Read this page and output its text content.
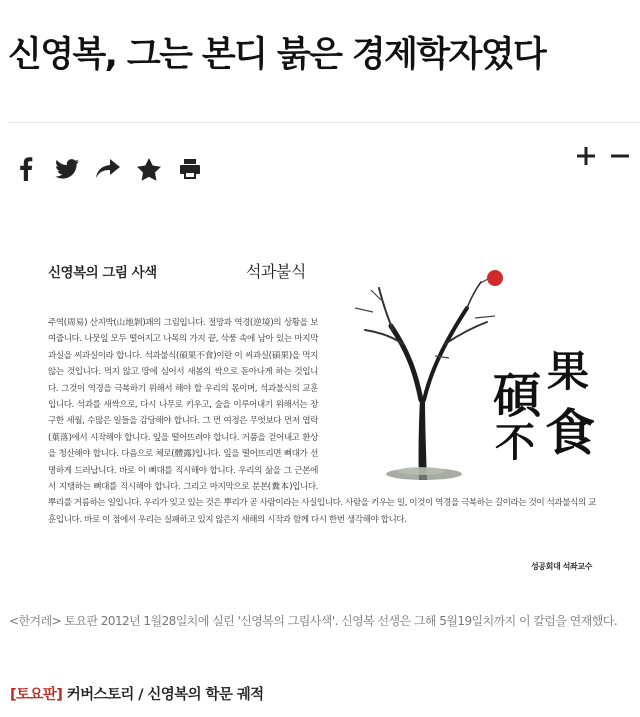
신영복, 그는 본디 붉은 경제학자였다
신영복의 그림 사색	석과불식

주역(周易) 산지박(山地剝)괘의 그림입니다. 절망과 역경(逆境)의 상황을 보여줍니다. 나뭇잎 모두 떨어지고 나목의 가지 끝, 삭풍 속에 남아 있는 마지막 과실을 씨과실이라 합니다. 석과불식(碩果不食)이란 이 씨과실(碩果)을 먹지 않는 것입니다. 먹지 않고 땅에 심어서 새봄의 싹으로 돋아나게 하는 것입니다. 그것이 역경을 극복하기 위해서 해야 할 우리의 몫이며, 석과불식의 교훈입니다. 석과를 새싹으로, 다시 나무로 키우고, 숲을 이루어내기 위해서는 장구한 세월, 수많은 일들을 감당해야 합니다. 그 먼 여정은 무엇보다 먼저 엽락(葉落)에서 시작해야 합니다. 잎을 떨어뜨려야 합니다. 거품을 걷어내고 환상을 청산해야 합니다. 다음으로 체로(體露)입니다. 잎을 떨어뜨리면 뼈대가 선명하게 드러납니다. 바로 이 뼈대를 직시해야 합니다. 우리의 삶을 그 근본에서 지탱하는 뼈대를 직시해야 합니다. 그리고 마지막으로 분본(糞本)입니다. 뿌리를 거름하는 일입니다. 우리가 잊고 있는 것은 뿌리가 곧 사람이라는 사실입니다. 사람을 키우는 일, 이것이 역경을 극복하는 길이라는 것이 석과불식의 교훈입니다. 바로 이 점에서 우리는 실패하고 있지 않은지 새해의 시작과 함께 다시 한번 생각해야 합니다.

碩 果
不 食
성공회대 석좌교수
<한겨레> 토요판 2012년 1월28일치에 실린 '신영복의 그림사색'. 신영복 선생은 그해 5월19일치까지 이 칼럼을 연재했다.
[토요판] 커버스토리 / 신영복의 학문 궤적
